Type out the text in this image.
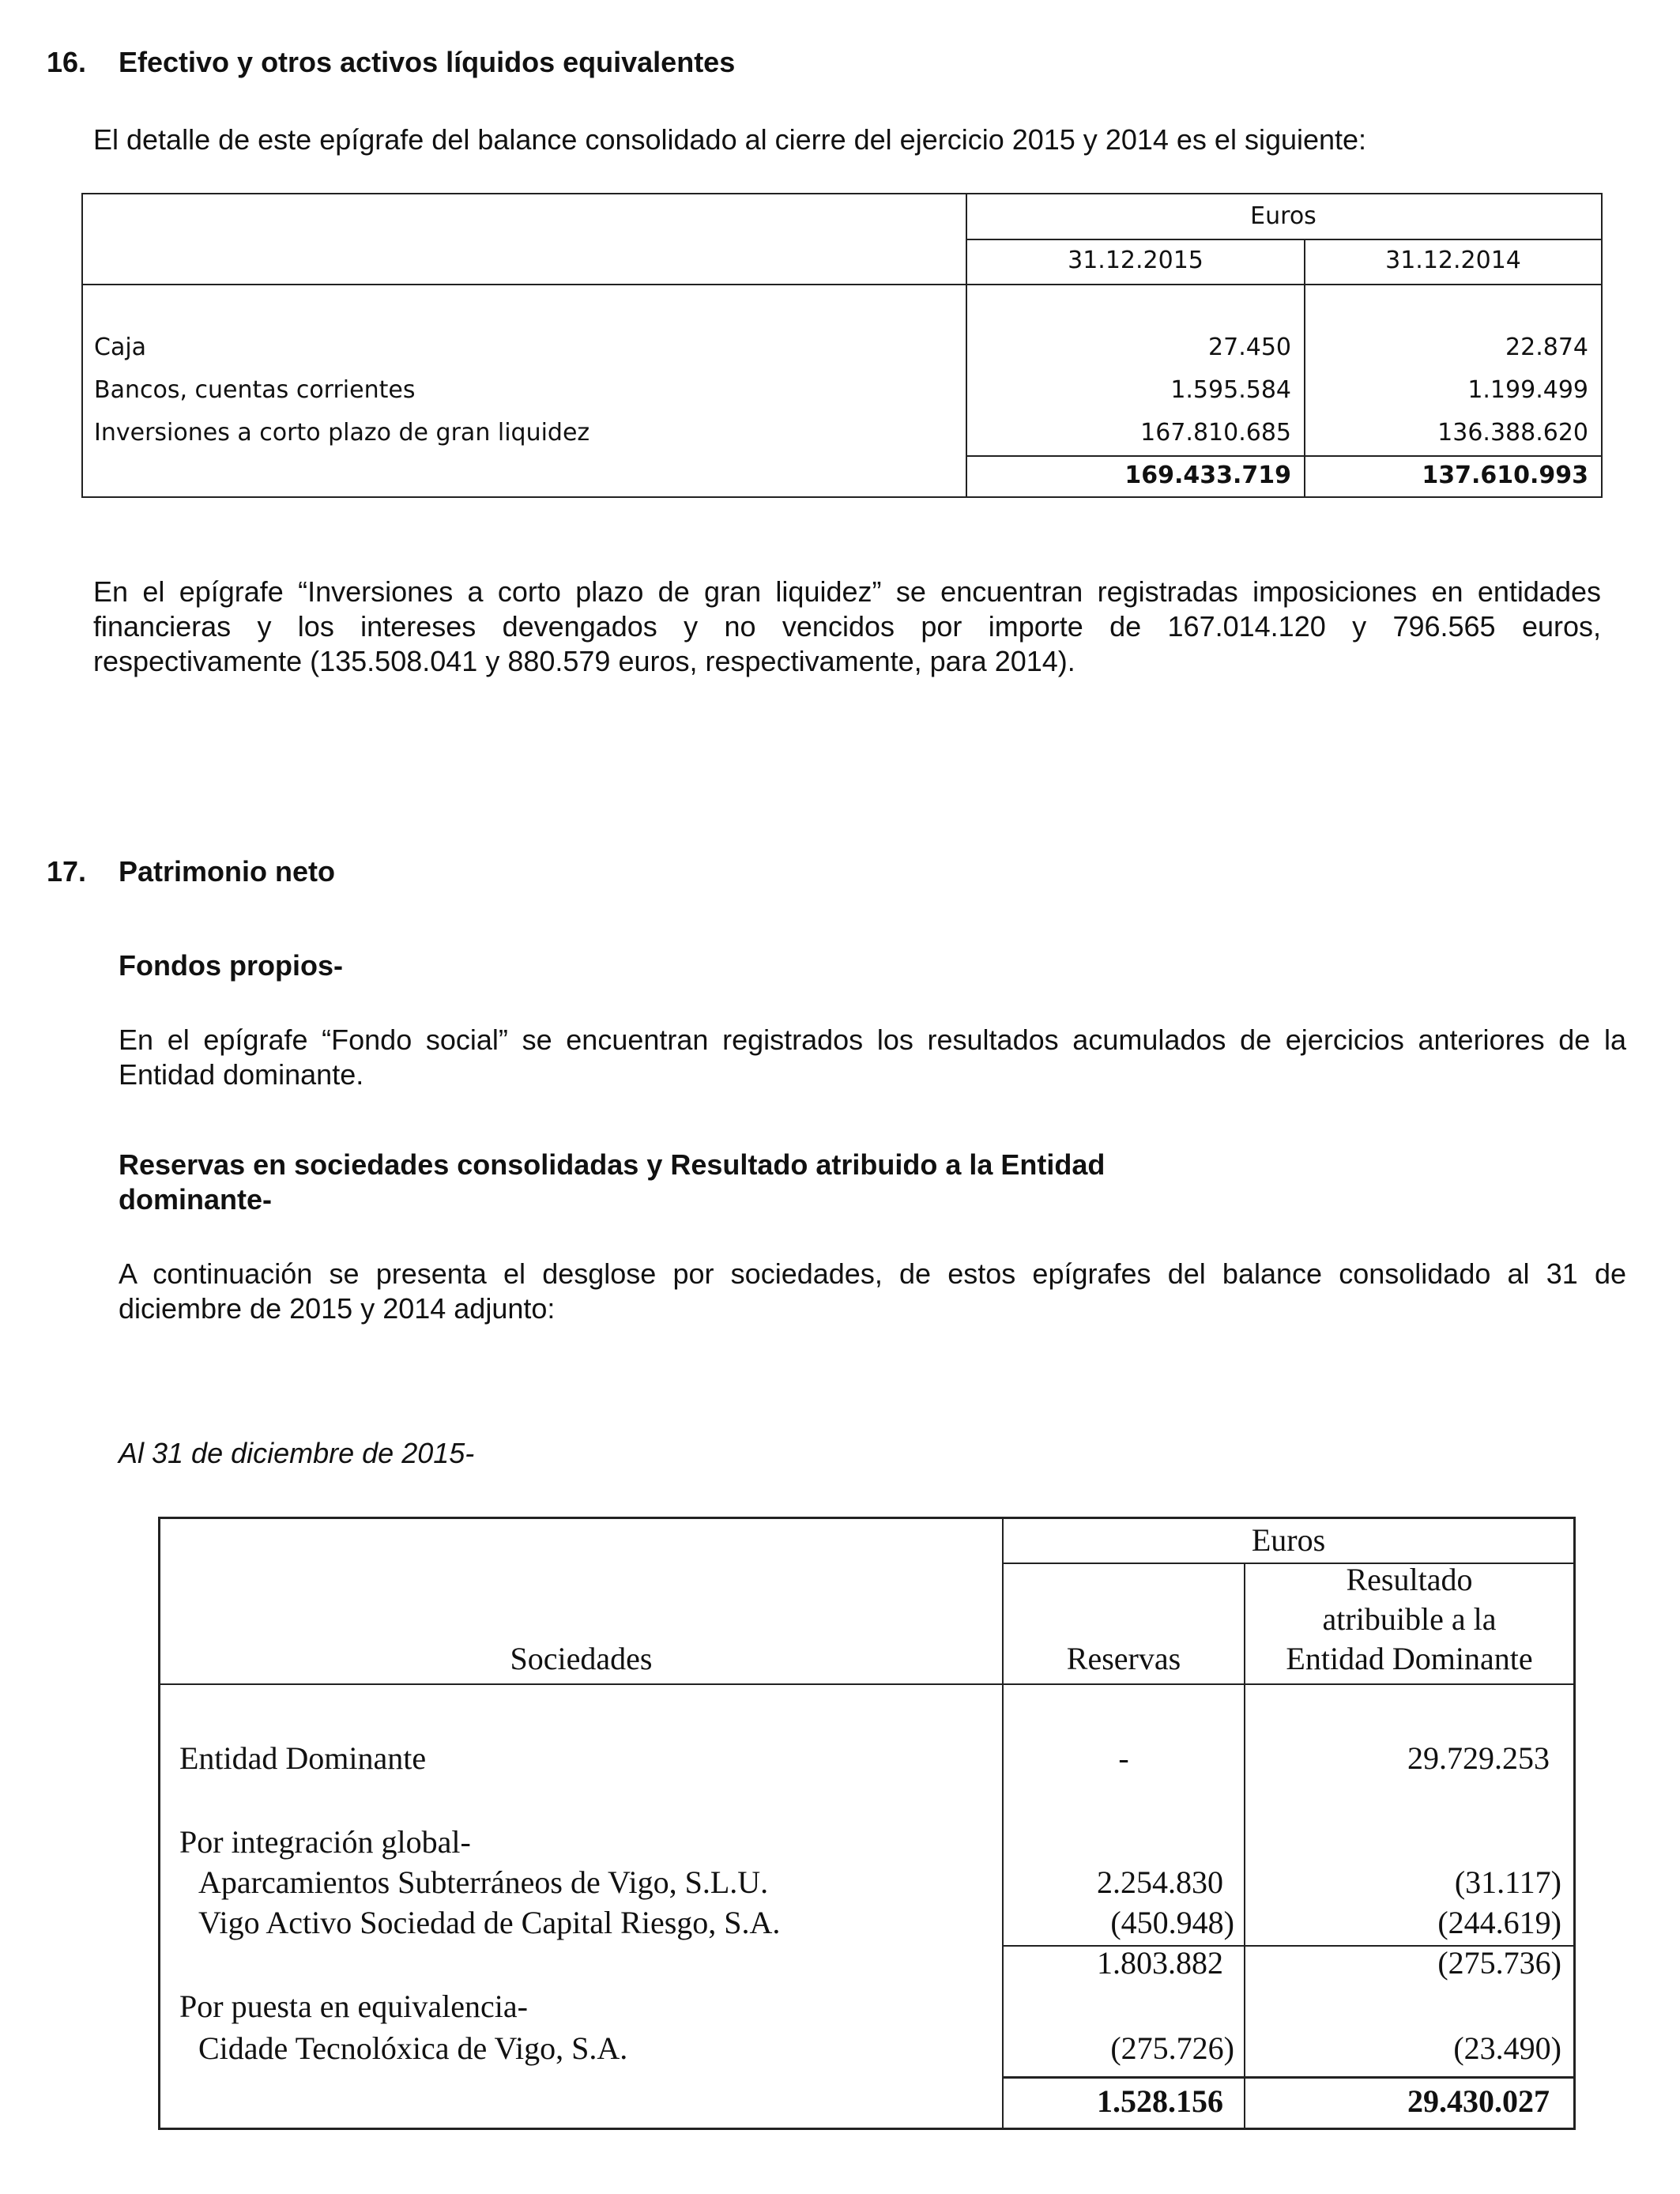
16. Efectivo y otros activos líquidos equivalentes
El detalle de este epígrafe del balance consolidado al cierre del ejercicio 2015 y 2014 es el siguiente:
Euros
31.12.2015	31.12.2014
Caja	27.450	22.874
Bancos, cuentas corrientes	1.595.584	1.199.499
Inversiones a corto plazo de gran liquidez	167.810.685	136.388.620
169.433.719	137.610.993
En el epígrafe “Inversiones a corto plazo de gran liquidez” se encuentran registradas imposiciones en entidades
financieras y los intereses devengados y no vencidos por importe de 167.014.120 y 796.565 euros,
respectivamente (135.508.041 y 880.579 euros, respectivamente, para 2014).
17. Patrimonio neto
Fondos propios-
En el epígrafe “Fondo social” se encuentran registrados los resultados acumulados de ejercicios anteriores de la
Entidad dominante.
Reservas en sociedades consolidadas y Resultado atribuido a la Entidad
dominante-
A continuación se presenta el desglose por sociedades, de estos epígrafes del balance consolidado al 31 de
diciembre de 2015 y 2014 adjunto:
Al 31 de diciembre de 2015-
Euros
Sociedades	Reservas
Resultado
atribuible a la
Entidad Dominante
Entidad Dominante	-	29.729.253
Por integración global-
Aparcamientos Subterráneos de Vigo, S.L.U.	2.254.830	(31.117)
Vigo Activo Sociedad de Capital Riesgo, S.A.	(450.948)	(244.619)
1.803.882	(275.736)
Por puesta en equivalencia-
Cidade Tecnolóxica de Vigo, S.A.	(275.726)	(23.490)
1.528.156	29.430.027
